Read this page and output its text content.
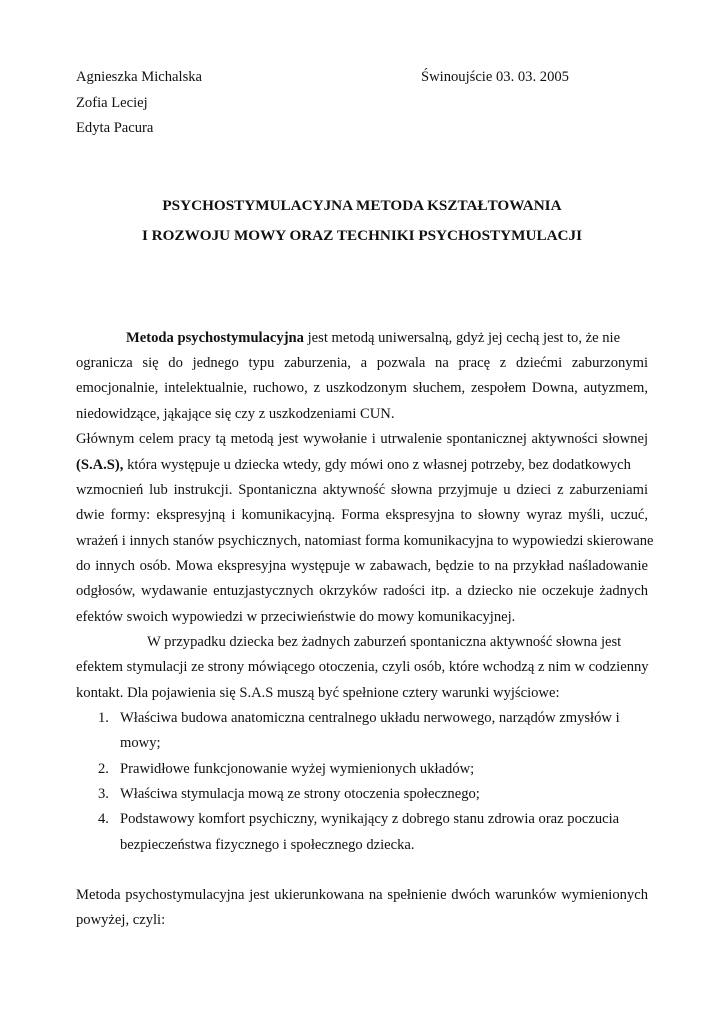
Agnieszka Michalska
Zofia Leciej
Edyta Pacura
Świnoujście 03. 03. 2005
PSYCHOSTYMULACYJNA METODA KSZTAŁTOWANIA
I ROZWOJU MOWY ORAZ TECHNIKI PSYCHOSTYMULACJI
Metoda psychostymulacyjna jest metodą uniwersalną, gdyż jej cechą jest to, że nie
ogranicza się do jednego typu zaburzenia, a pozwala na pracę z dziećmi zaburzonymi
emocjonalnie, intelektualnie, ruchowo, z uszkodzonym słuchem, zespołem Downa, autyzmem,
niedowidzące, jąkające się czy z uszkodzeniami CUN.
Głównym celem pracy tą metodą jest wywołanie i utrwalenie spontanicznej aktywności słownej
(S.A.S), która występuje u dziecka wtedy, gdy mówi ono z własnej potrzeby, bez dodatkowych
wzmocnień lub instrukcji. Spontaniczna aktywność słowna przyjmuje u dzieci z zaburzeniami
dwie formy: ekspresyjną i komunikacyjną. Forma ekspresyjna to słowny wyraz myśli, uczuć,
wrażeń i innych stanów psychicznych, natomiast forma komunikacyjna to wypowiedzi skierowane
do innych osób. Mowa ekspresyjna występuje w zabawach, będzie to na przykład naśladowanie
odgłosów, wydawanie entuzjastycznych okrzyków radości itp. a dziecko nie oczekuje żadnych
efektów swoich wypowiedzi w przeciwieństwie do mowy komunikacyjnej.
W przypadku dziecka bez żadnych zaburzeń spontaniczna aktywność słowna jest
efektem stymulacji ze strony mówiącego otoczenia, czyli osób, które wchodzą z nim w codzienny
kontakt. Dla pojawienia się S.A.S muszą być spełnione cztery warunki wyjściowe:
1. Właściwa budowa anatomiczna centralnego układu nerwowego, narządów zmysłów i
mowy;
2. Prawidłowe funkcjonowanie wyżej wymienionych układów;
3. Właściwa stymulacja mową ze strony otoczenia społecznego;
4. Podstawowy komfort psychiczny, wynikający z dobrego stanu zdrowia oraz poczucia
bezpieczeństwa fizycznego i społecznego dziecka.
Metoda psychostymulacyjna jest ukierunkowana na spełnienie dwóch warunków wymienionych
powyżej, czyli:
